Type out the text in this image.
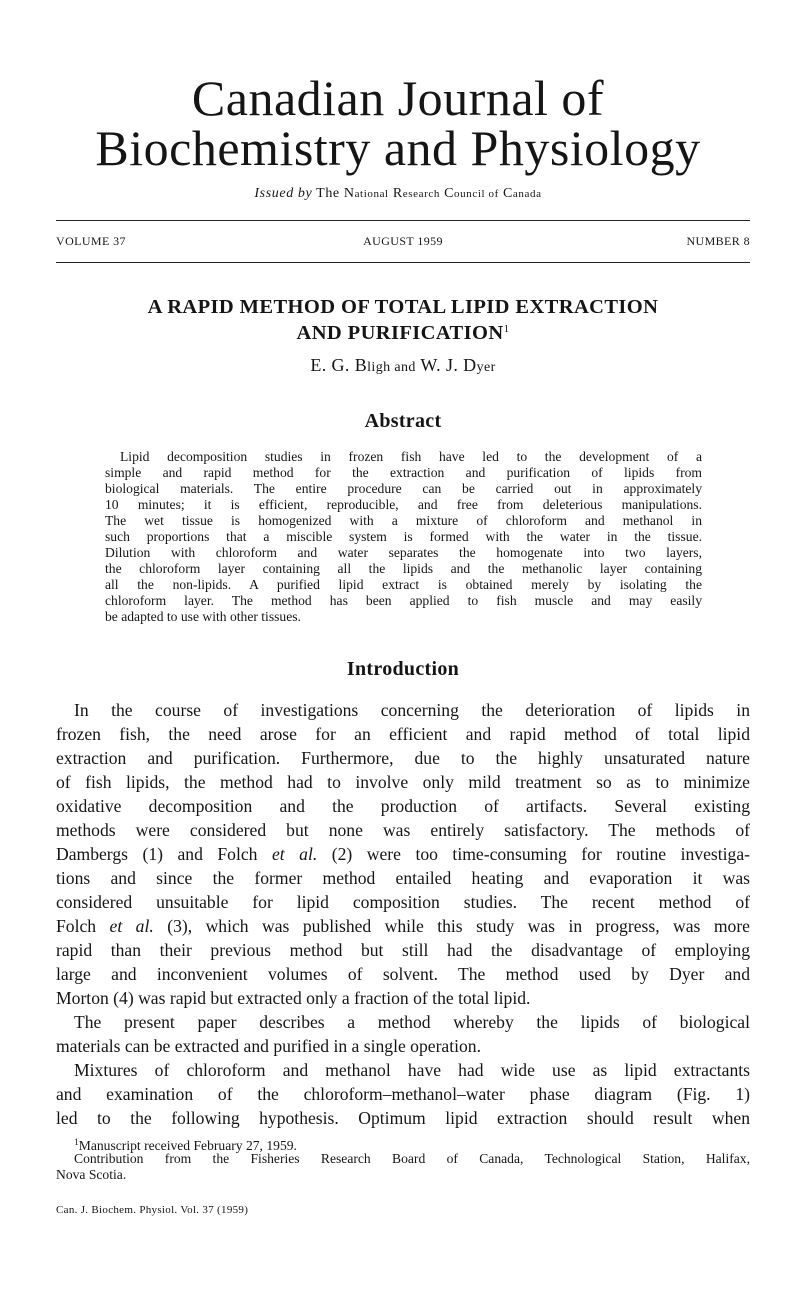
Canadian Journal of
Biochemistry and Physiology
Issued by The National Research Council of Canada
AUGUST 1959
VOLUME 37	NUMBER 8
A RAPID METHOD OF TOTAL LIPID EXTRACTION
AND PURIFICATION$^1$
E. G. Bligh and W. J. Dyer
Abstract
Lipid decomposition studies in frozen fish have led to the development of a
simple and rapid method for the extraction and purification of lipids from
biological materials. The entire procedure can be carried out in approximately
10 minutes; it is efficient, reproducible, and free from deleterious manipulations.
The wet tissue is homogenized with a mixture of chloroform and methanol in
such proportions that a miscible system is formed with the water in the tissue.
Dilution with chloroform and water separates the homogenate into two layers,
the chloroform layer containing all the lipids and the methanolic layer containing
all the non-lipids. A purified lipid extract is obtained merely by isolating the
chloroform layer. The method has been applied to fish muscle and may easily
be adapted to use with other tissues.
Introduction
In the course of investigations concerning the deterioration of lipids in
frozen fish, the need arose for an efficient and rapid method of total lipid
extraction and purification. Furthermore, due to the highly unsaturated nature
of fish lipids, the method had to involve only mild treatment so as to minimize
oxidative decomposition and the production of artifacts. Several existing
methods were considered but none was entirely satisfactory. The methods of
Dambergs (1) and Folch et al. (2) were too time-consuming for routine investiga-
tions and since the former method entailed heating and evaporation it was
considered unsuitable for lipid composition studies. The recent method of
Folch et al. (3), which was published while this study was in progress, was more
rapid than their previous method but still had the disadvantage of employing
large and inconvenient volumes of solvent. The method used by Dyer and
Morton (4) was rapid but extracted only a fraction of the total lipid.
The present paper describes a method whereby the lipids of biological
materials can be extracted and purified in a single operation.
Mixtures of chloroform and methanol have had wide use as lipid extractants
and examination of the chloroform–methanol–water phase diagram (Fig. 1)
led to the following hypothesis. Optimum lipid extraction should result when
$^1$Manuscript received February 27, 1959.
Contribution from the Fisheries Research Board of Canada, Technological Station, Halifax,
Nova Scotia.
Can. J. Biochem. Physiol. Vol. 37 (1959)
